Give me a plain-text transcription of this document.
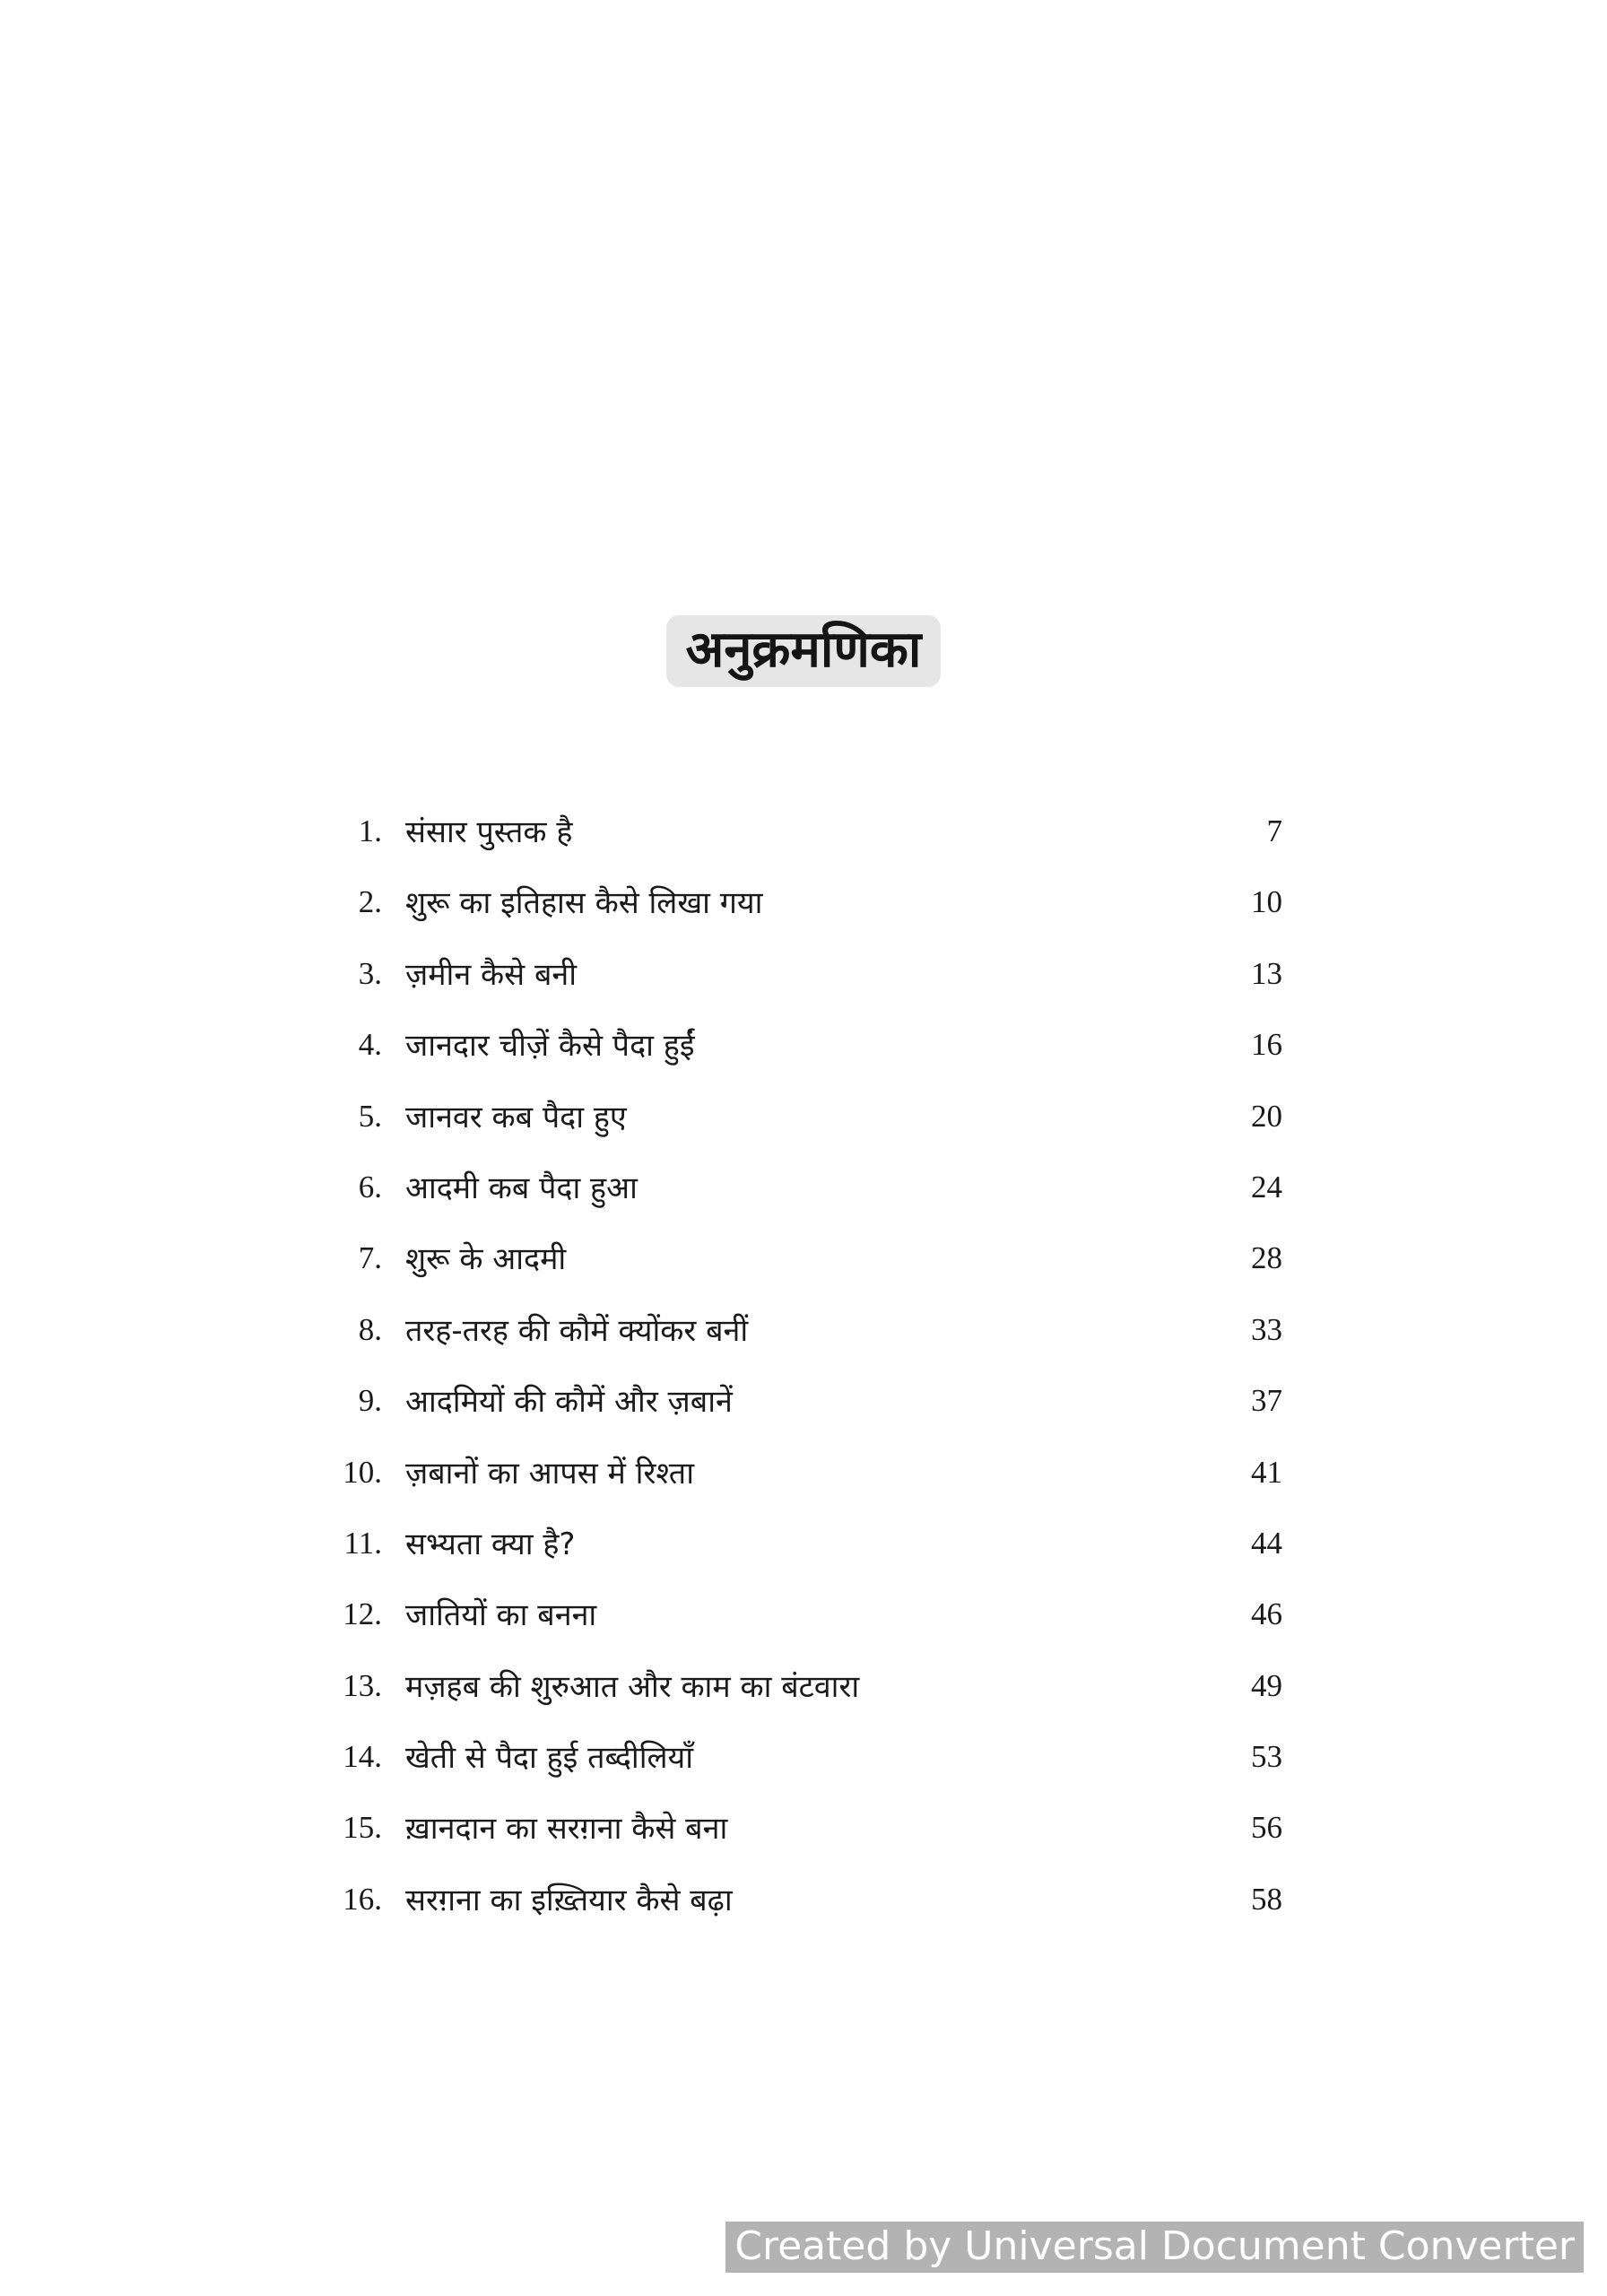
अनुक्रमणिका
1. संसार पुस्तक है	7
2. शुरू का इतिहास कैसे लिखा गया	10
3. ज़मीन कैसे बनी	13
4. जानदार चीज़ें कैसे पैदा हुईं	16
5. जानवर कब पैदा हुए	20
6. आदमी कब पैदा हुआ	24
7. शुरू के आदमी	28
8. तरह-तरह की कौमें क्योंकर बनीं	33
9. आदमियों की कौमें और ज़बानें	37
10. ज़बानों का आपस में रिश्ता	41
11. सभ्यता क्या है?	44
12. जातियों का बनना	46
13. मज़हब की शुरुआत और काम का बंटवारा	49
14. खेती से पैदा हुई तब्दीलियाँ	53
15. ख़ानदान का सरग़ना कैसे बना	56
16. सरग़ना का इख़्तियार कैसे बढ़ा	58
Created by Universal Document Converter
